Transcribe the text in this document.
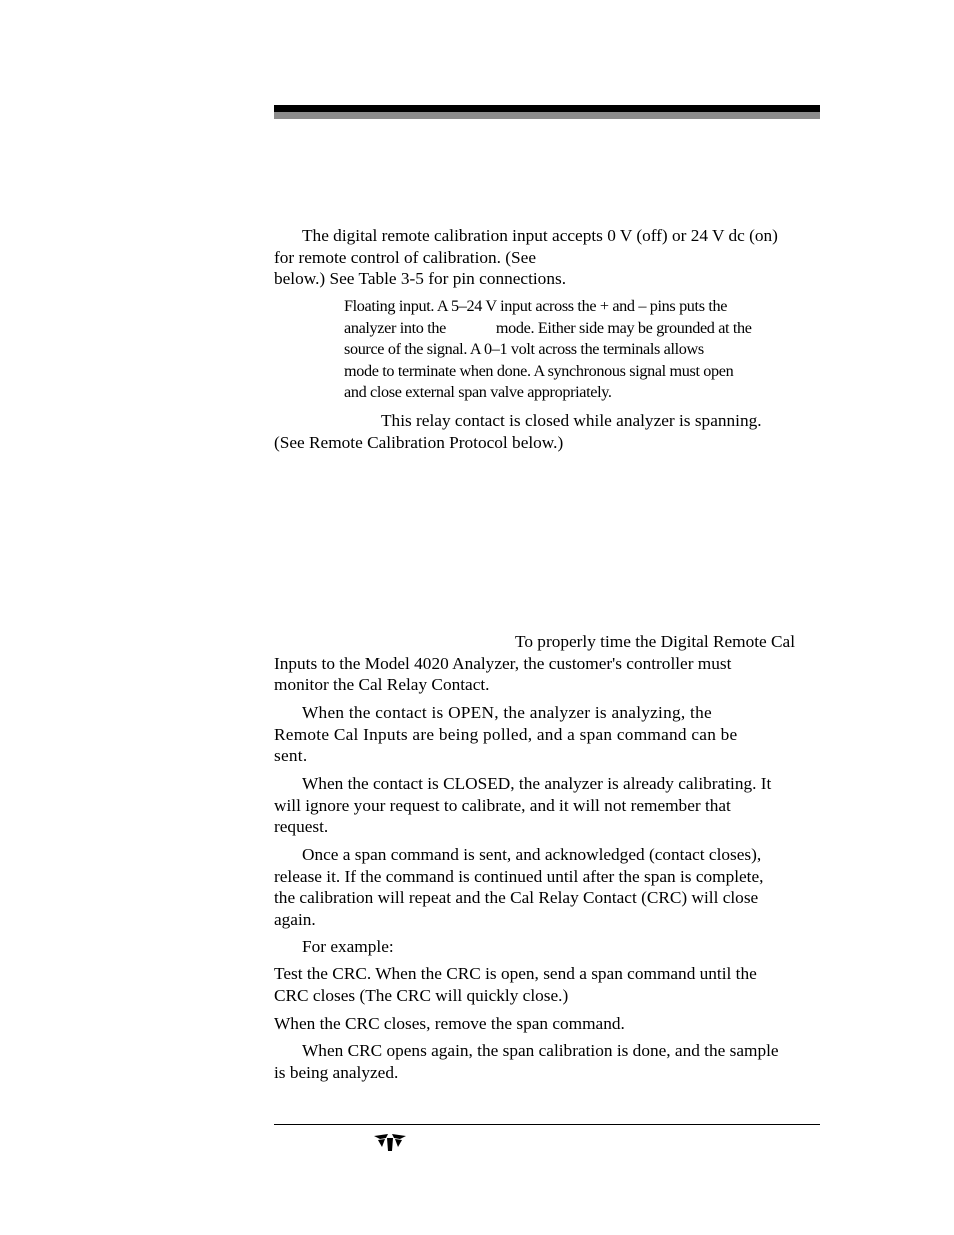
The digital remote calibration input accepts 0 V (off) or 24 V dc (on)
for remote control of calibration. (See
below.) See Table 3-5 for pin connections.
Floating input. A 5–24 V input across the + and – pins puts the
analyzer into the	mode. Either side may be grounded at the
source of the signal. A 0–1 volt across the terminals allows
mode to terminate when done. A synchronous signal must open
and close external span valve appropriately.
This relay contact is closed while analyzer is spanning.
(See Remote Calibration Protocol below.)
To properly time the Digital Remote Cal
Inputs to the Model 4020 Analyzer, the customer's controller must
monitor the Cal Relay Contact.
When the contact is OPEN, the analyzer is analyzing, the
Remote Cal Inputs are being polled, and a span command can be
sent.
When the contact is CLOSED, the analyzer is already calibrating. It
will ignore your request to calibrate, and it will not remember that
request.
Once a span command is sent, and acknowledged (contact closes),
release it. If the command is continued until after the span is complete,
the calibration will repeat and the Cal Relay Contact (CRC) will close
again.
For example:
Test the CRC. When the CRC is open, send a span command until the
CRC closes (The CRC will quickly close.)
When the CRC closes, remove the span command.
When CRC opens again, the span calibration is done, and the sample
is being analyzed.
